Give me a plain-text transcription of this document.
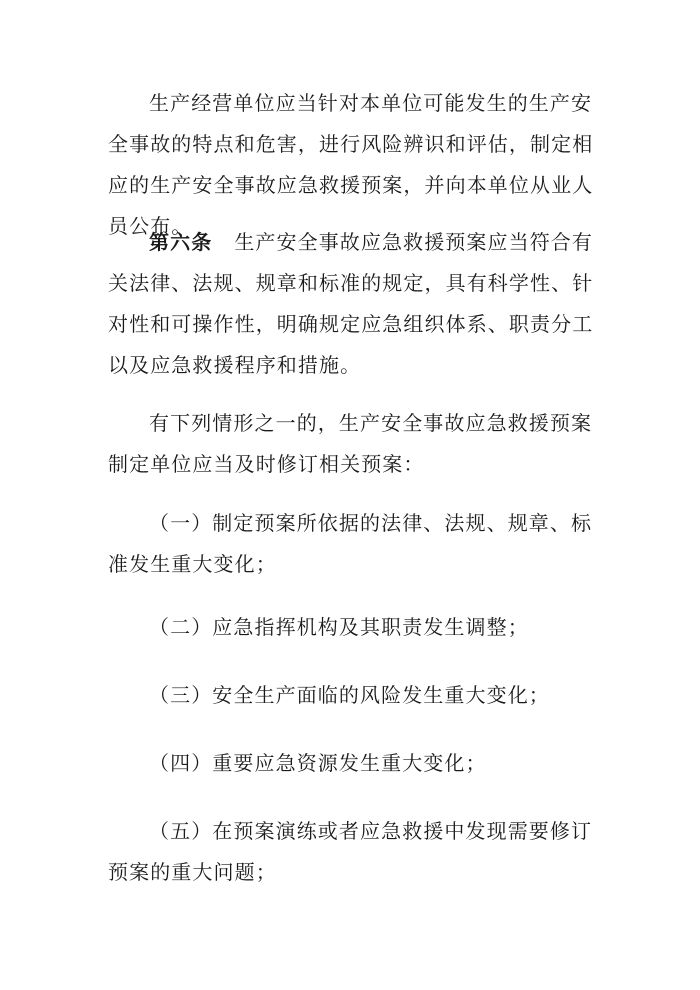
生产经营单位应当针对本单位可能发生的生产安全事故的特点和危害，进行风险辨识和评估，制定相应的生产安全事故应急救援预案，并向本单位从业人员公布。

第六条 生产安全事故应急救援预案应当符合有关法律、法规、规章和标准的规定，具有科学性、针对性和可操作性，明确规定应急组织体系、职责分工以及应急救援程序和措施。

有下列情形之一的，生产安全事故应急救援预案制定单位应当及时修订相关预案：

（一）制定预案所依据的法律、法规、规章、标准发生重大变化；

（二）应急指挥机构及其职责发生调整；

（三）安全生产面临的风险发生重大变化；

（四）重要应急资源发生重大变化；

（五）在预案演练或者应急救援中发现需要修订预案的重大问题；
